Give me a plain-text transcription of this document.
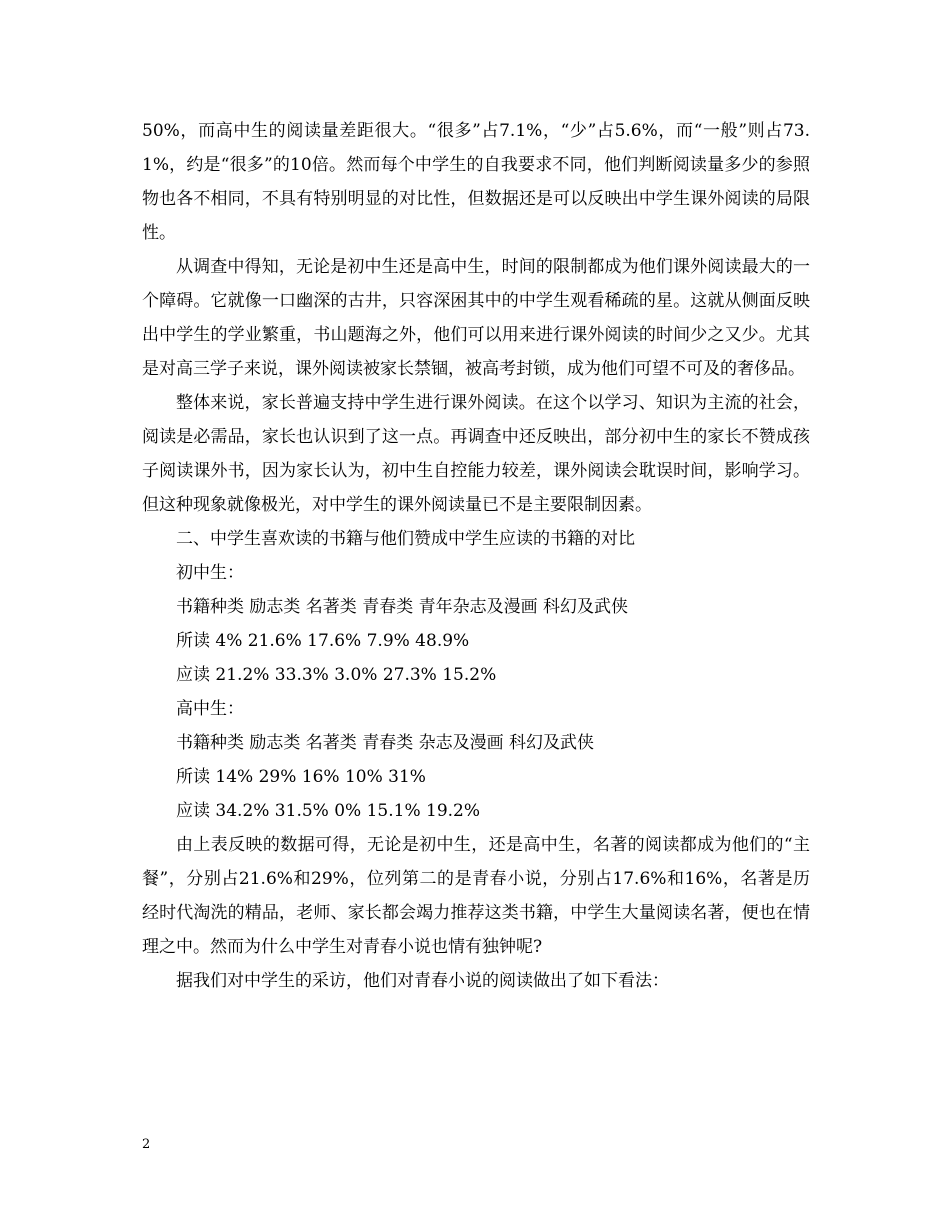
50%，而高中生的阅读量差距很大。“很多”占7.1%，“少”占5.6%，而“一般”则占73.1%，约是“很多”的10倍。然而每个中学生的自我要求不同，他们判断阅读量多少的参照物也各不相同，不具有特别明显的对比性，但数据还是可以反映出中学生课外阅读的局限性。

从调查中得知，无论是初中生还是高中生，时间的限制都成为他们课外阅读最大的一个障碍。它就像一口幽深的古井，只容深困其中的中学生观看稀疏的星。这就从侧面反映出中学生的学业繁重，书山题海之外，他们可以用来进行课外阅读的时间少之又少。尤其是对高三学子来说，课外阅读被家长禁锢，被高考封锁，成为他们可望不可及的奢侈品。

整体来说，家长普遍支持中学生进行课外阅读。在这个以学习、知识为主流的社会，阅读是必需品，家长也认识到了这一点。再调查中还反映出，部分初中生的家长不赞成孩子阅读课外书，因为家长认为，初中生自控能力较差，课外阅读会耽误时间，影响学习。但这种现象就像极光，对中学生的课外阅读量已不是主要限制因素。

二、中学生喜欢读的书籍与他们赞成中学生应读的书籍的对比

初中生：

书籍种类 励志类 名著类 青春类 青年杂志及漫画 科幻及武侠

所读 4% 21.6% 17.6% 7.9% 48.9%

应读 21.2% 33.3% 3.0% 27.3% 15.2%

高中生：

书籍种类 励志类 名著类 青春类 杂志及漫画 科幻及武侠

所读 14% 29% 16% 10% 31%

应读 34.2% 31.5% 0% 15.1% 19.2%

由上表反映的数据可得，无论是初中生，还是高中生，名著的阅读都成为他们的“主餐”，分别占21.6%和29%，位列第二的是青春小说，分别占17.6%和16%，名著是历经时代淘洗的精品，老师、家长都会竭力推荐这类书籍，中学生大量阅读名著，便也在情理之中。然而为什么中学生对青春小说也情有独钟呢?

据我们对中学生的采访，他们对青春小说的阅读做出了如下看法：

2
